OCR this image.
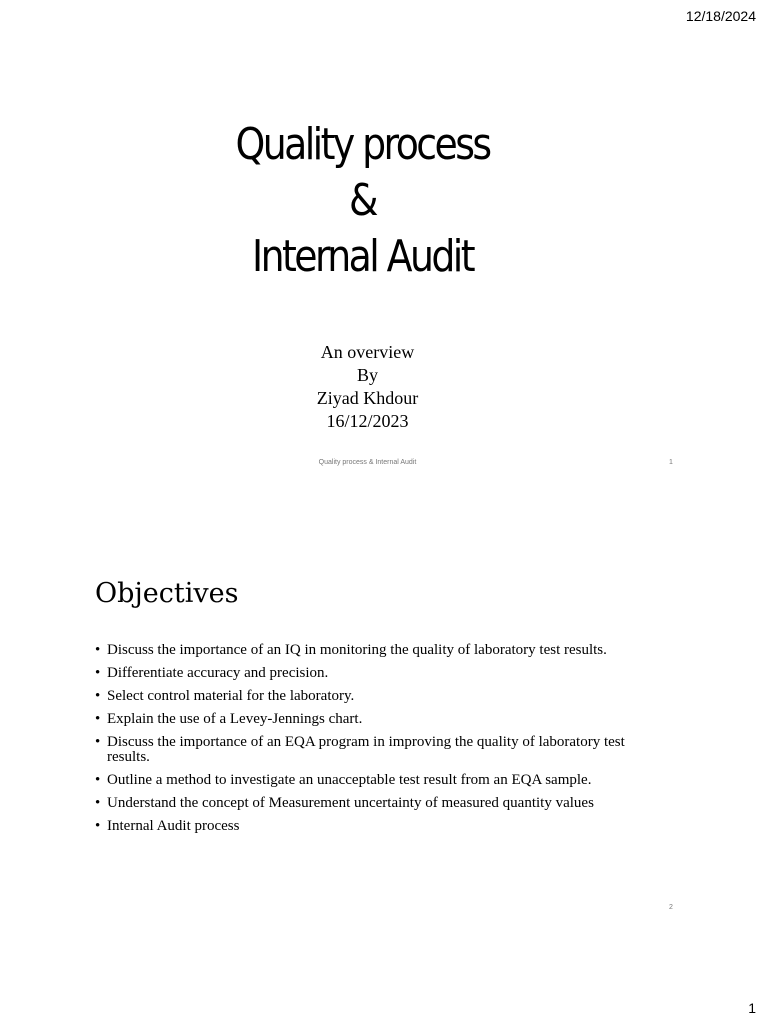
12/18/2024
Quality process
&
Internal Audit
An overview
By
Ziyad Khdour
16/12/2023
Quality process & Internal Audit	1
Objectives
• Discuss the importance of an IQ in monitoring the quality of laboratory test results.
• Differentiate accuracy and precision.
• Select control material for the laboratory.
• Explain the use of a Levey-Jennings chart.
• Discuss the importance of an EQA program in improving the quality of laboratory test results.
• Outline a method to investigate an unacceptable test result from an EQA sample.
• Understand the concept of Measurement uncertainty of measured quantity values
• Internal Audit process
2
1
